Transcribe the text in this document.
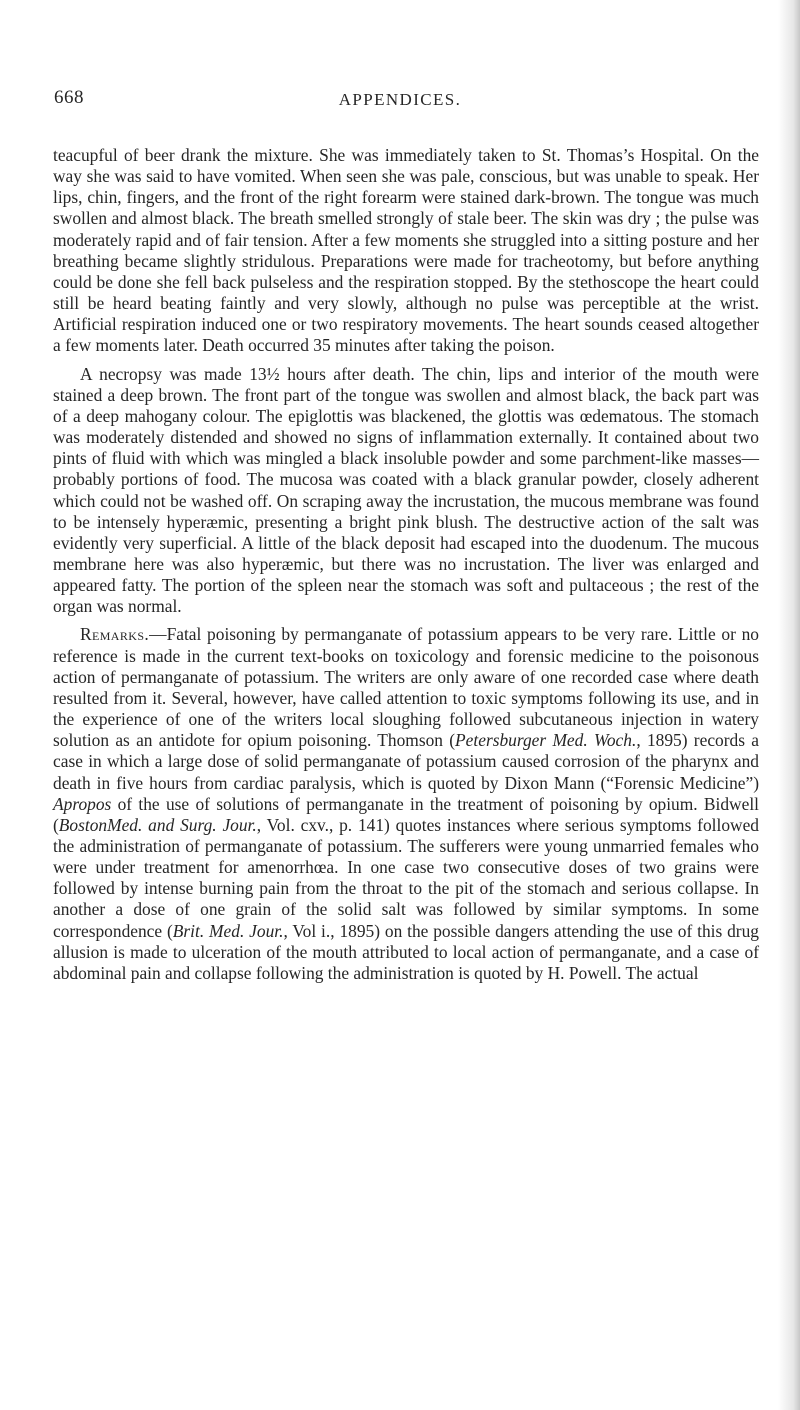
668	APPENDICES.

teacupful of beer drank the mixture. She was immediately taken to St. Thomas’s Hospital. On the way she was said to have vomited. When seen she was pale, conscious, but was unable to speak. Her lips, chin, fingers, and the front of the right forearm were stained dark-brown. The tongue was much swollen and almost black. The breath smelled strongly of stale beer. The skin was dry ; the pulse was moderately rapid and of fair tension. After a few moments she struggled into a sitting posture and her breathing became slightly stridulous. Preparations were made for tracheotomy, but before anything could be done she fell back pulseless and the respiration stopped. By the stethoscope the heart could still be heard beating faintly and very slowly, although no pulse was perceptible at the wrist. Artificial respiration induced one or two respiratory movements. The heart sounds ceased altogether a few moments later. Death occurred 35 minutes after taking the poison.

A necropsy was made 13½ hours after death. The chin, lips and interior of the mouth were stained a deep brown. The front part of the tongue was swollen and almost black, the back part was of a deep mahogany colour. The epiglottis was blackened, the glottis was œdematous. The stomach was moderately distended and showed no signs of inflammation externally. It contained about two pints of fluid with which was mingled a black insoluble powder and some parchment-like masses—probably portions of food. The mucosa was coated with a black granular powder, closely adherent which could not be washed off. On scraping away the incrustation, the mucous membrane was found to be intensely hyperæmic, presenting a bright pink blush. The destructive action of the salt was evidently very superficial. A little of the black deposit had escaped into the duodenum. The mucous membrane here was also hyperæmic, but there was no incrustation. The liver was enlarged and appeared fatty. The portion of the spleen near the stomach was soft and pultaceous ; the rest of the organ was normal.

Remarks.—Fatal poisoning by permanganate of potassium appears to be very rare. Little or no reference is made in the current text-books on toxicology and forensic medicine to the poisonous action of permanganate of potassium. The writers are only aware of one recorded case where death resulted from it. Several, however, have called attention to toxic symptoms following its use, and in the experience of one of the writers local sloughing followed subcutaneous injection in watery solution as an antidote for opium poisoning. Thomson (Petersburger Med. Woch., 1895) records a case in which a large dose of solid permanganate of potassium caused corrosion of the pharynx and death in five hours from cardiac paralysis, which is quoted by Dixon Mann (“Forensic Medicine”) Apropos of the use of solutions of permanganate in the treatment of poisoning by opium. Bidwell (BostonMed. and Surg. Jour., Vol. cxv., p. 141) quotes instances where serious symptoms followed the administration of permanganate of potassium. The sufferers were young unmarried females who were under treatment for amenorrhœa. In one case two consecutive doses of two grains were followed by intense burning pain from the throat to the pit of the stomach and serious collapse. In another a dose of one grain of the solid salt was followed by similar symptoms. In some correspondence (Brit. Med. Jour., Vol i., 1895) on the possible dangers attending the use of this drug allusion is made to ulceration of the mouth attributed to local action of permanganate, and a case of abdominal pain and collapse following the administration is quoted by H. Powell. The actual
